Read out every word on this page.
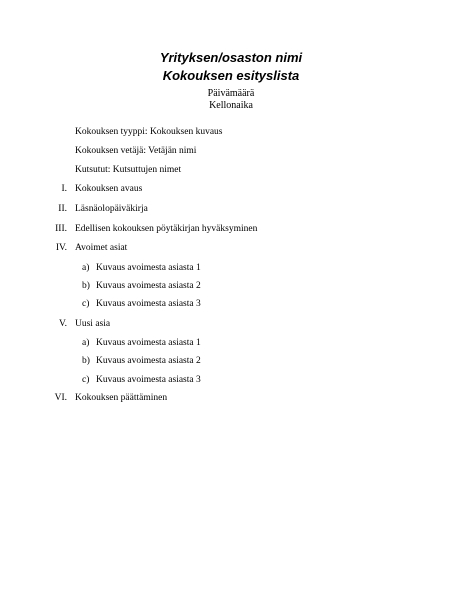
Yrityksen/osaston nimi
Kokouksen esityslista
Päivämäärä
Kellonaika
Kokouksen tyyppi: Kokouksen kuvaus
Kokouksen vetäjä: Vetäjän nimi
Kutsutut: Kutsuttujen nimet
I. Kokouksen avaus
II. Läsnäolopäiväkirja
III. Edellisen kokouksen pöytäkirjan hyväksyminen
IV. Avoimet asiat
a) Kuvaus avoimesta asiasta 1
b) Kuvaus avoimesta asiasta 2
c) Kuvaus avoimesta asiasta 3
V. Uusi asia
a) Kuvaus avoimesta asiasta 1
b) Kuvaus avoimesta asiasta 2
c) Kuvaus avoimesta asiasta 3
VI. Kokouksen päättäminen
